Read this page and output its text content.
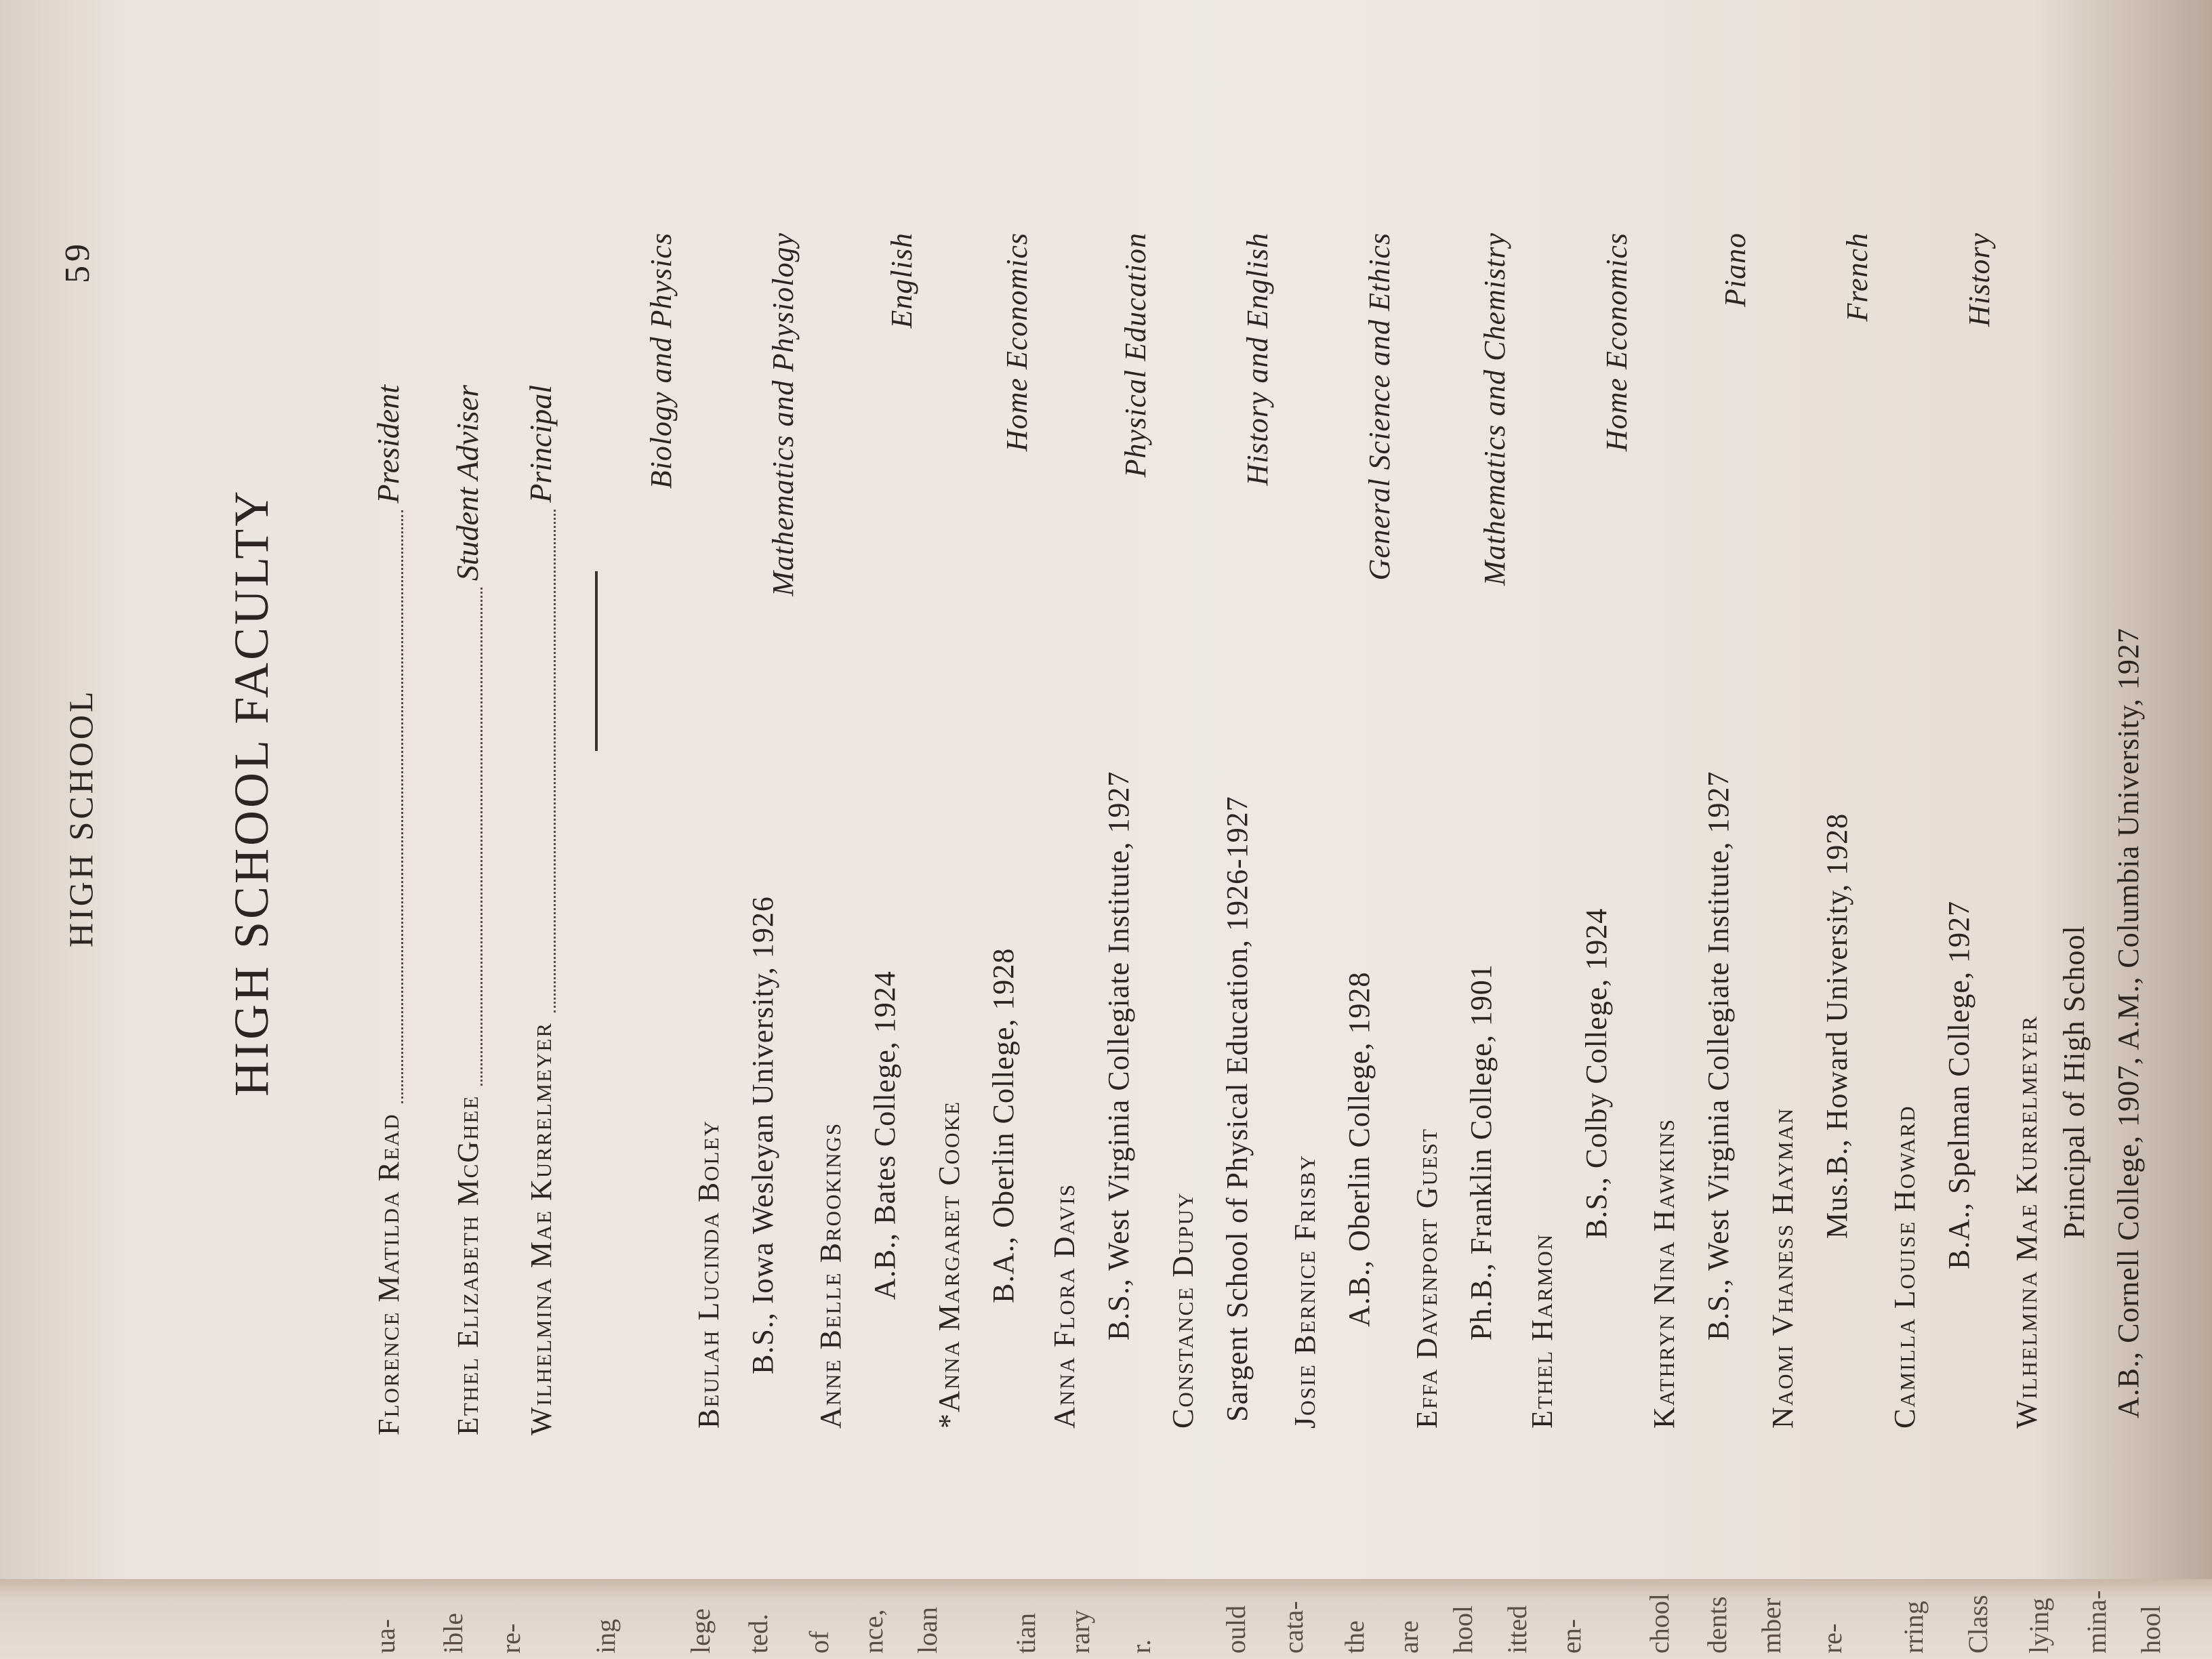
ua- ible re- ing lege ted. of nce, loan	tian rary r. ould cata- the are hool itted en- chool dents mber re- rring Class lying mina- hool
HIGH SCHOOL
59
HIGH SCHOOL FACULTY
Florence Matilda Read
President
Ethel Elizabeth McGhee
Student Adviser
Wilhelmina Mae Kurrelmeyer
Principal
Beulah Lucinda Boley
Biology and Physics
B.S., Iowa Wesleyan University, 1926 Anne Belle Brookings
Mathematics and Physiology
A.B., Bates College, 1924 *Anna Margaret Cooke
English
B.A., Oberlin College, 1928
Anna Flora Davis
Home Economics
B.S., West Virginia Collegiate Institute, 1927 Constance Dupuy
Physical Education
Sargent School of Physical Education, 1926-1927 Josie Bernice Frisby
History and English
A.B., Oberlin College, 1928 Effa Davenport Guest
General Science and Ethics
Ph.B., Franklin College, 1901 Ethel Harmon
Mathematics and Chemistry
B.S., Colby College, 1924
Kathryn Nina Hawkins
Home Economics
B.S., West Virginia Collegiate Institute, 1927 Naomi Vhaness Hayman
Piano
Mus.B., Howard University, 1928
Camilla Louise Howard
French
B.A., Spelman College, 1927 Wilhelmina Mae Kurrelmeyer
History
Principal of High School A.B., Cornell College, 1907, A.M., Columbia University, 1927
